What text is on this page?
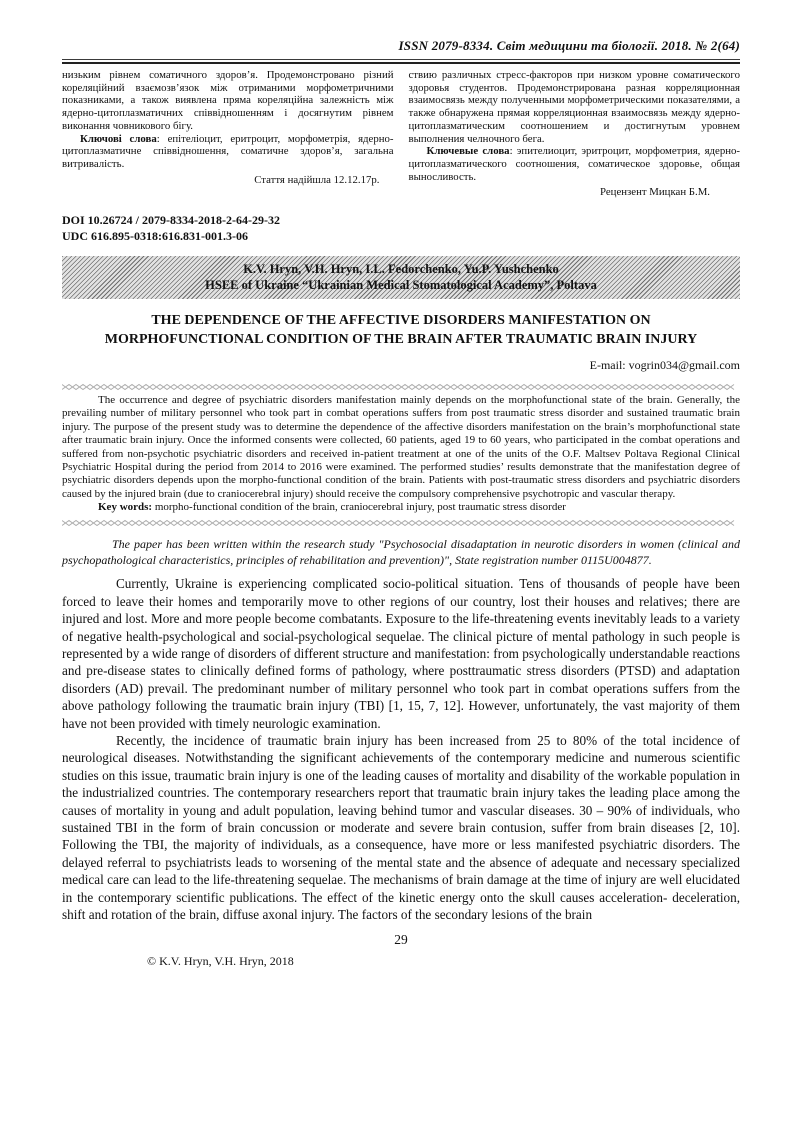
ISSN 2079-8334. Світ медицини та біології. 2018. № 2(64)

низьким рівнем соматичного здоров’я. Продемонстровано різний кореляційний взаємозв’язок між отриманими морфометричними показниками, а також виявлена пряма кореляційна залежність між ядерно-цитоплазматичних співвідношенням і досягнутим рівнем виконання човникового бігу.

Ключові слова: епітеліоцит, еритроцит, морфометрія, ядерно-цитоплазматичне співвідношення, соматичне здоров’я, загальна витривалість.

Стаття надійшла 12.12.17р.

ствию различных стресс-факторов при низком уровне соматического здоровья студентов. Продемонстрирована разная корреляционная взаимосвязь между полученными морфометрическими показателями, а также обнаружена прямая корреляционная взаимосвязь между ядерно-цитоплазматическим соотношением и достигнутым уровнем выполнения челночного бега.

Ключевые слова: эпителиоцит, эритроцит, морфометрия, ядерно-цитоплазматического соотношения, соматическое здоровье, общая выносливость.

Рецензент Мицкан Б.М.

DOI 10.26724 / 2079-8334-2018-2-64-29-32

UDC 616.895-0318:616.831-001.3-06

K.V. Hryn, V.H. Hryn, I.L. Fedorchenko, Yu.P. Yushchenko

HSEE of Ukraine “Ukrainian Medical Stomatological Academy”, Poltava

THE DEPENDENCE OF THE AFFECTIVE DISORDERS MANIFESTATION ON MORPHOFUNCTIONAL CONDITION OF THE BRAIN AFTER TRAUMATIC BRAIN INJURY

E-mail: vogrin034@gmail.com

The occurrence and degree of psychiatric disorders manifestation mainly depends on the morphofunctional state of the brain. Generally, the prevailing number of military personnel who took part in combat operations suffers from post traumatic stress disorder and sustained traumatic brain injury. The purpose of the present study was to determine the dependence of the affective disorders manifestation on the brain’s morphofunctional state after traumatic brain injury. Once the informed consents were collected, 60 patients, aged 19 to 60 years, who participated in the combat operations and suffered from non-psychotic psychiatric disorders and received in-patient treatment at one of the units of the O.F. Maltsev Poltava Regional Clinical Psychiatric Hospital during the period from 2014 to 2016 were examined. The performed studies’ results demonstrate that the manifestation degree of psychiatric disorders depends upon the morpho-functional condition of the brain. Patients with post-traumatic stress disorders and psychiatric disorders caused by the injured brain (due to craniocerebral injury) should receive the compulsory comprehensive psychotropic and vascular therapy.

Key words: morpho-functional condition of the brain, craniocerebral injury, post traumatic stress disorder

The paper has been written within the research study "Psychosocial disadaptation in neurotic disorders in women (clinical and psychopathological characteristics, principles of rehabilitation and prevention)", State registration number 0115U004877.

Currently, Ukraine is experiencing complicated socio-political situation. Tens of thousands of people have been forced to leave their homes and temporarily move to other regions of our country, lost their houses and relatives; there are injured and lost. More and more people become combatants. Exposure to the life-threatening events inevitably leads to a variety of negative health-psychological and social-psychological sequelae. The clinical picture of mental pathology in such people is represented by a wide range of disorders of different structure and manifestation: from psychologically understandable reactions and pre-disease states to clinically defined forms of pathology, where posttraumatic stress disorders (PTSD) and adaptation disorders (AD) prevail. The predominant number of military personnel who took part in combat operations suffers from the above pathology following the traumatic brain injury (TBI) [1, 15, 7, 12]. However, unfortunately, the vast majority of them have not been provided with timely neurologic examination.

Recently, the incidence of traumatic brain injury has been increased from 25 to 80% of the total incidence of neurological diseases. Notwithstanding the significant achievements of the contemporary medicine and numerous scientific studies on this issue, traumatic brain injury is one of the leading causes of mortality and disability of the workable population in the industrialized countries. The contemporary researchers report that traumatic brain injury takes the leading place among the causes of mortality in young and adult population, leaving behind tumor and vascular diseases. 30 – 90% of individuals, who sustained TBI in the form of brain concussion or moderate and severe brain contusion, suffer from brain diseases [2, 10]. Following the TBI, the majority of individuals, as a consequence, have more or less manifested psychiatric disorders. The delayed referral to psychiatrists leads to worsening of the mental state and the absence of adequate and necessary specialized medical care can lead to the life-threatening sequelae. The mechanisms of brain damage at the time of injury are well elucidated in the contemporary scientific publications. The effect of the kinetic energy onto the skull causes acceleration- deceleration, shift and rotation of the brain, diffuse axonal injury. The factors of the secondary lesions of the brain

29
© K.V. Hryn, V.H. Hryn, 2018
